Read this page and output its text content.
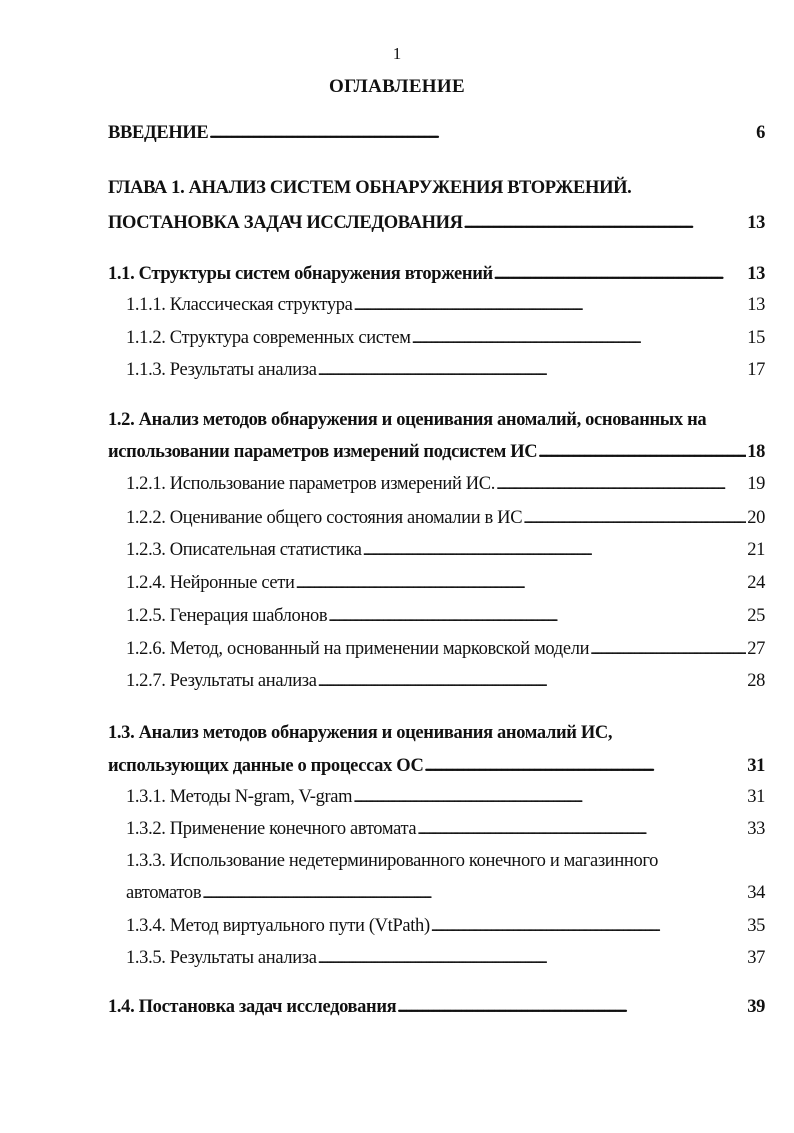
1
ОГЛАВЛЕНИЕ
ВВЕДЕНИЕ . . .	6
ГЛАВА 1. АНАЛИЗ СИСТЕМ ОБНАРУЖЕНИЯ ВТОРЖЕНИЙ.
ПОСТАНОВКА ЗАДАЧ ИССЛЕДОВАНИЯ . . .	13
1.1. Структуры систем обнаружения вторжений . . .	13
1.1.1. Классическая структура . . .	13
1.1.2. Структура современных систем . . .	15
1.1.3. Результаты анализа . . .	17
1.2. Анализ методов обнаружения и оценивания аномалий, основанных на
использовании параметров измерений подсистем ИС . . .	18
1.2.1. Использование параметров измерений ИС. . . .	19
1.2.2. Оценивание общего состояния аномалии в ИС . . .	20
1.2.3. Описательная статистика . . .	21
1.2.4. Нейронные сети . . .	24
1.2.5. Генерация шаблонов . . .	25
1.2.6. Метод, основанный на применении марковской модели . . .	27
1.2.7. Результаты анализа . . .	28
1.3. Анализ методов обнаружения и оценивания аномалий ИС,
использующих данные о процессах ОС . . .	31
1.3.1. Методы N-gram, V-gram . . .	31
1.3.2. Применение конечного автомата . . .	33
1.3.3. Использование недетерминированного конечного и магазинного
автоматов . . .	34
1.3.4. Метод виртуального пути (VtPath) . . .	35
1.3.5. Результаты анализа . . .	37
1.4. Постановка задач исследования . . .	39
